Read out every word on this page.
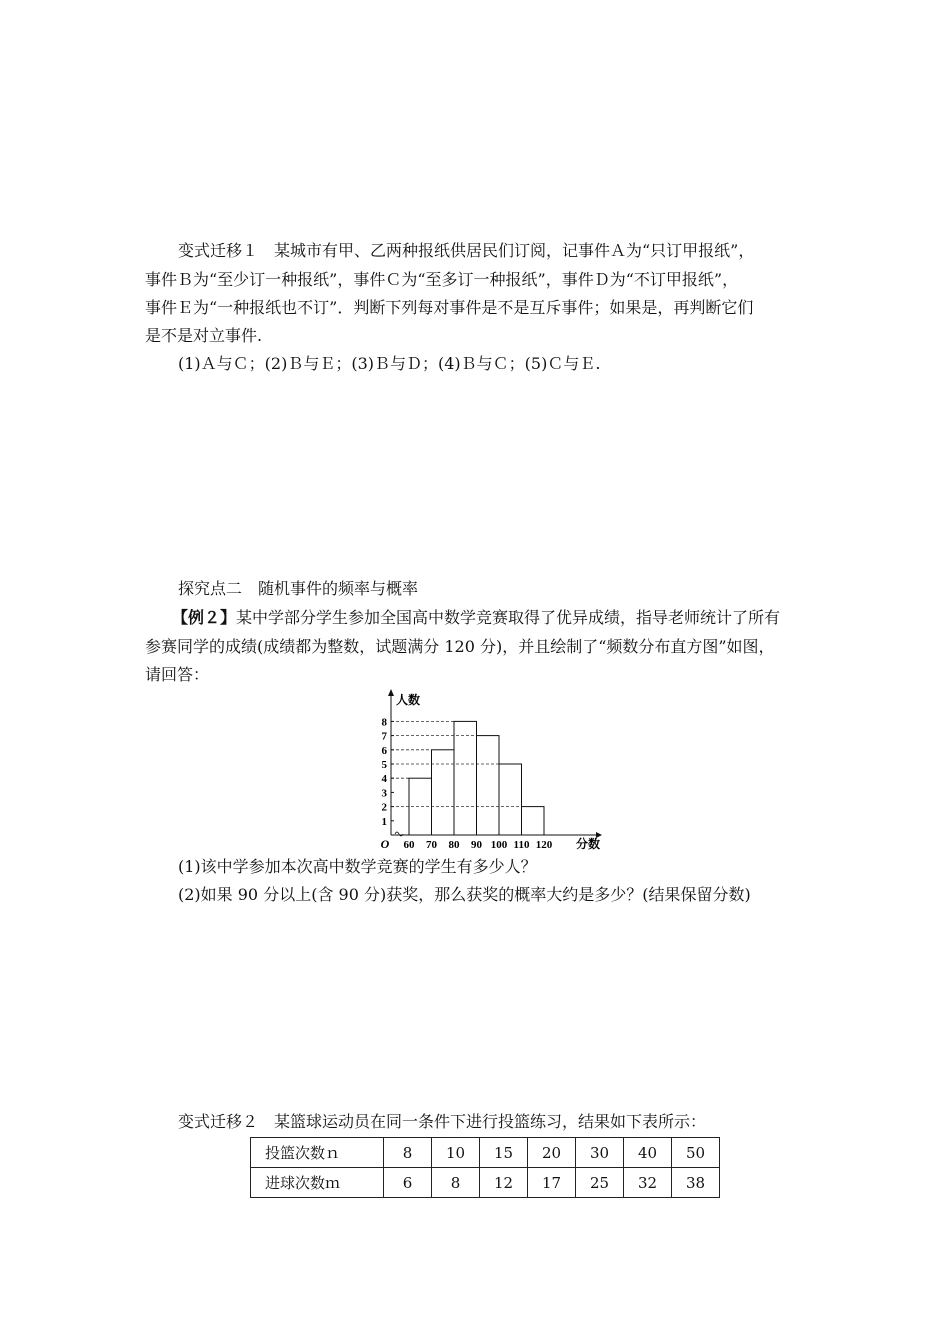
变式迁移１　某城市有甲、乙两种报纸供居民们订阅，记事件Ａ为“只订甲报纸”，
事件Ｂ为“至少订一种报纸”，事件Ｃ为“至多订一种报纸”，事件Ｄ为“不订甲报纸”，
事件Ｅ为“一种报纸也不订”．判断下列每对事件是不是互斥事件；如果是，再判断它们
是不是对立事件.
(1)Ａ与Ｃ；(2)Ｂ与Ｅ；(3)Ｂ与Ｄ；(4)Ｂ与Ｃ；(5)Ｃ与Ｅ.
探究点二　随机事件的频率与概率
【例２】某中学部分学生参加全国高中数学竞赛取得了优异成绩，指导老师统计了所有
参赛同学的成绩(成绩都为整数，试题满分 120 分)，并且绘制了“频数分布直方图”如图，
请回答：
1
2
3
4
5
6
7
8
60 70 80 90 100 110 120
O
人数
分数
(1)该中学参加本次高中数学竞赛的学生有多少人？
(2)如果 90 分以上(含 90 分)获奖，那么获奖的概率大约是多少？(结果保留分数)
变式迁移２　某篮球运动员在同一条件下进行投篮练习，结果如下表所示：
投篮次数ｎ	8	10	15	20	30	40	50
进球次数ｍ	6	8	12	17	25	32	38
